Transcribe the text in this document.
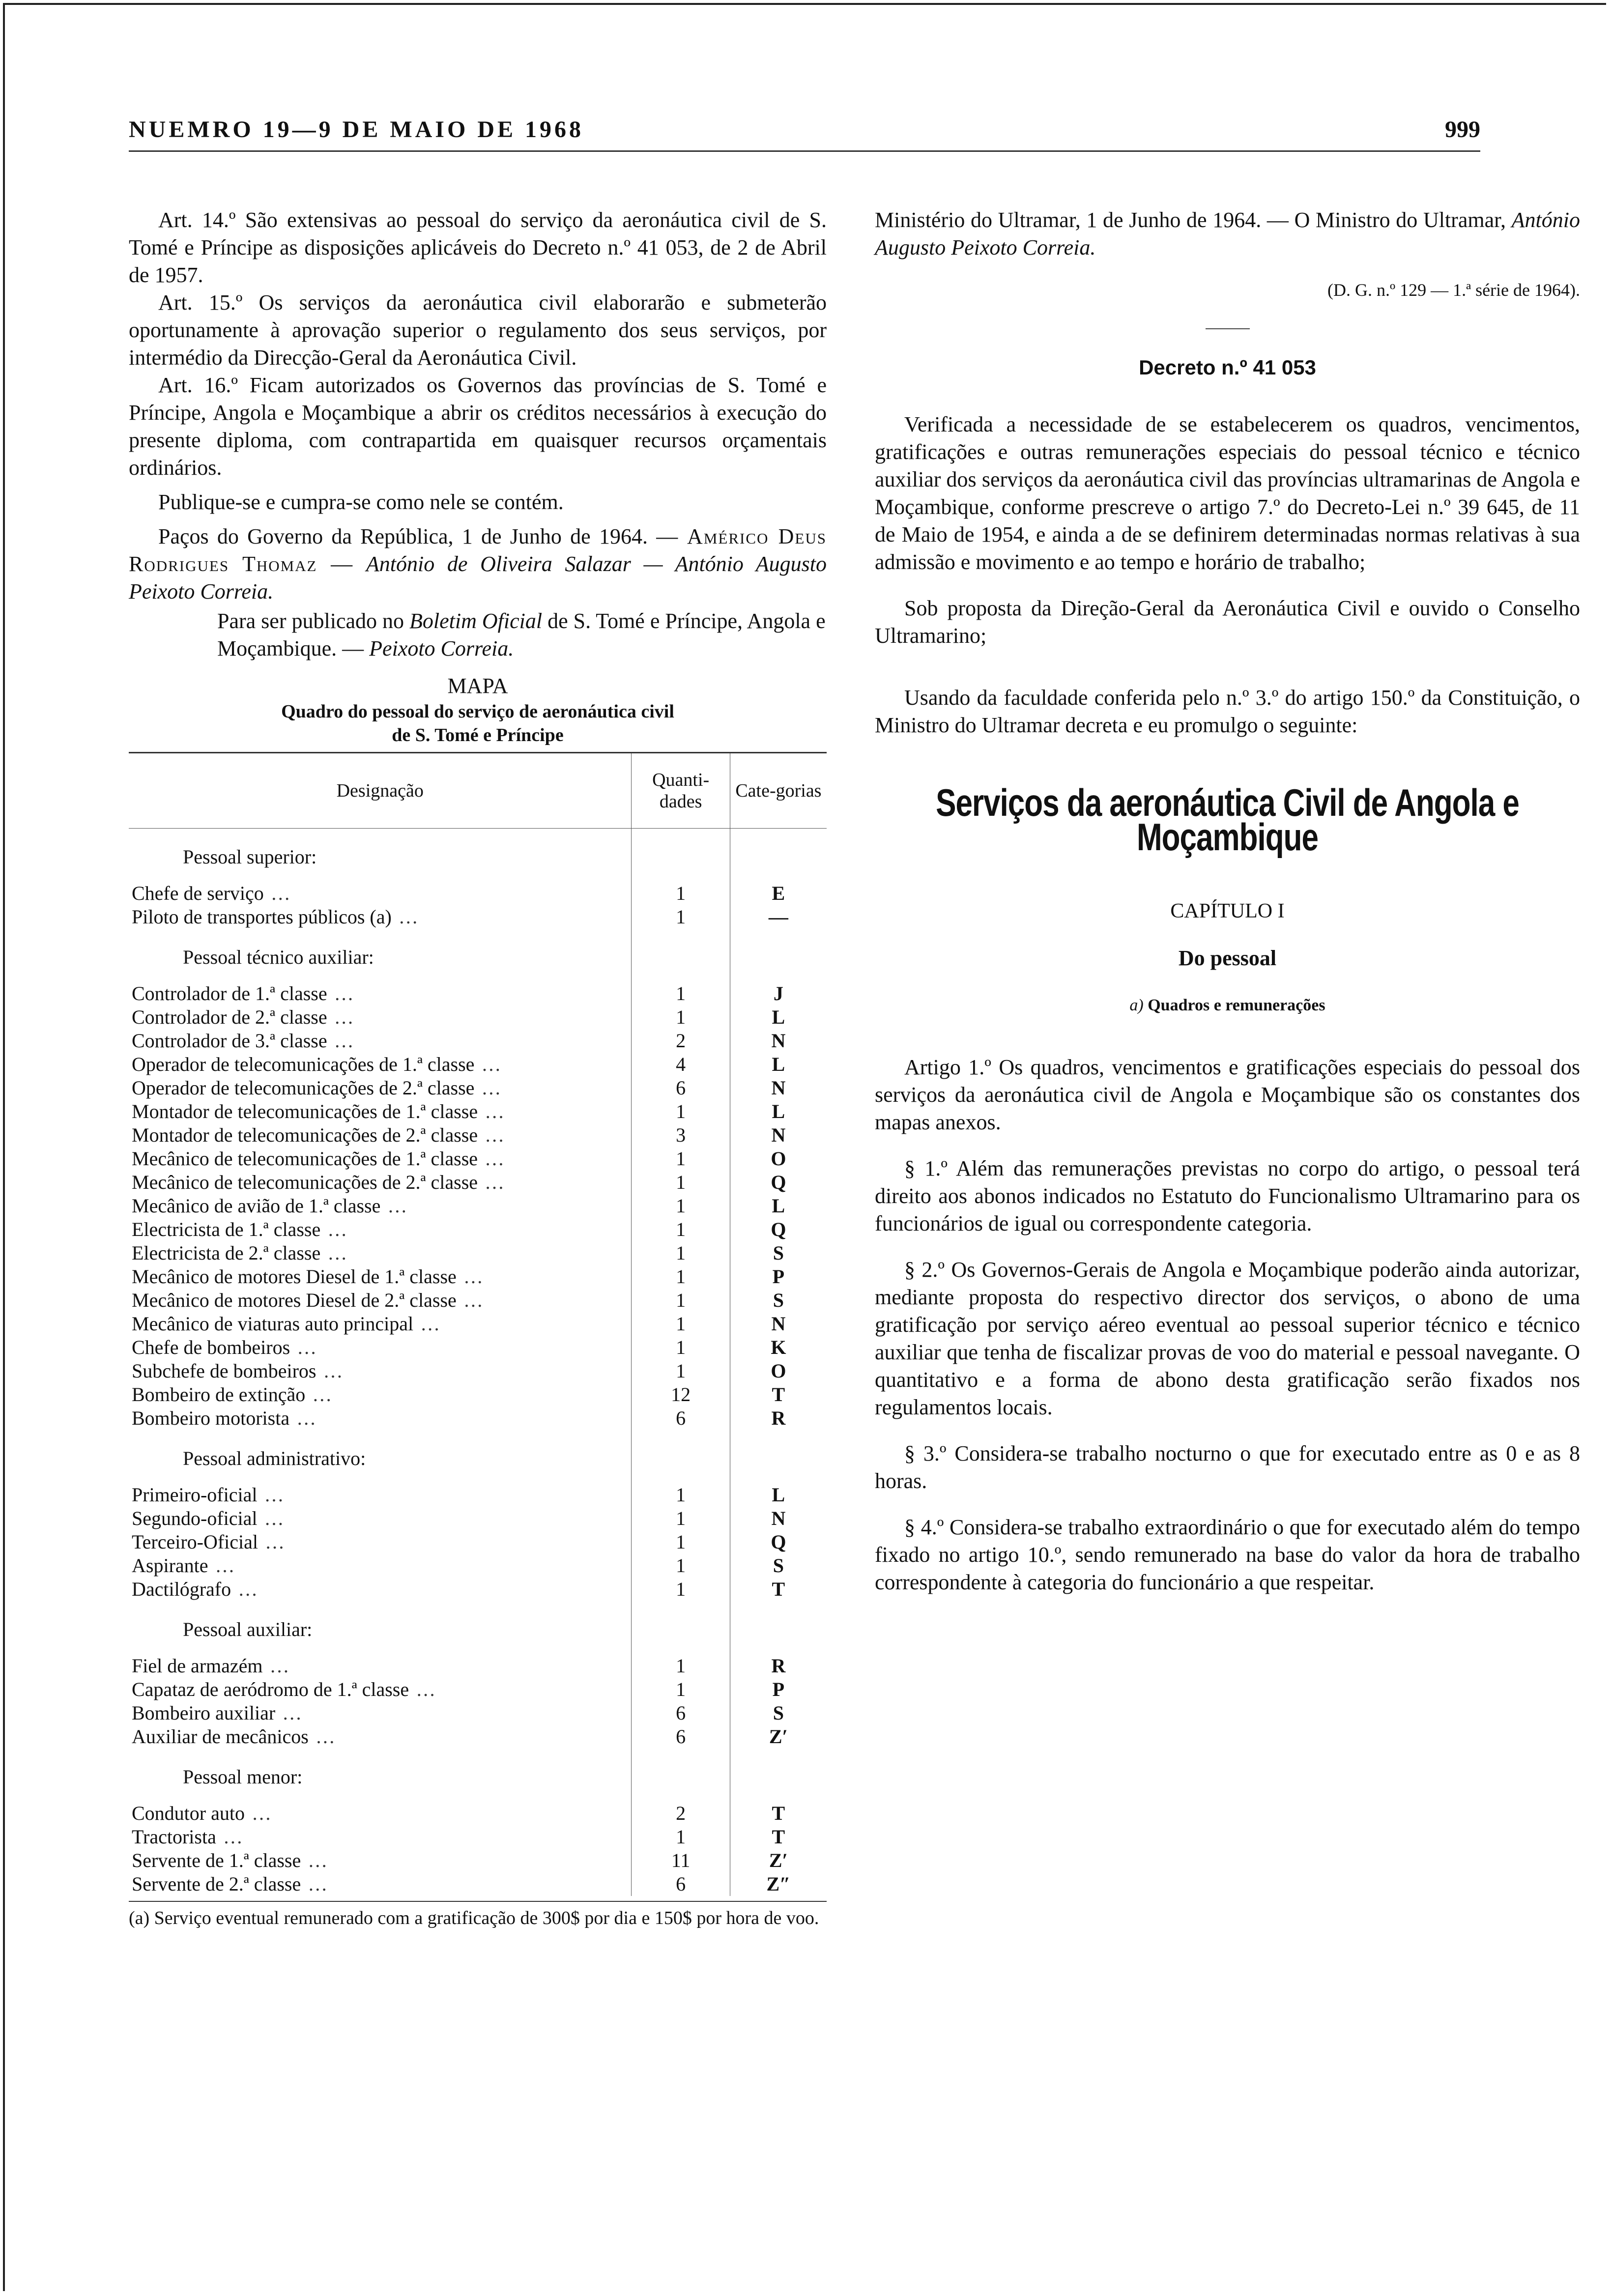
NUEMRO 19—9 DE MAIO DE 1968	999

Art. 14.º São extensivas ao pessoal do serviço da aeronáutica civil de S. Tomé e Príncipe as disposições aplicáveis do Decreto n.º 41 053, de 2 de Abril de 1957.

Art. 15.º Os serviços da aeronáutica civil elaborarão e submeterão oportunamente à aprovação superior o regulamento dos seus serviços, por intermédio da Direcção-Geral da Aeronáutica Civil.

Art. 16.º Ficam autorizados os Governos das províncias de S. Tomé e Príncipe, Angola e Moçambique a abrir os créditos necessários à execução do presente diploma, com contrapartida em quaisquer recursos orçamentais ordinários.

Publique-se e cumpra-se como nele se contém.

Paços do Governo da República, 1 de Junho de 1964. — Américo Deus Rodrigues Thomaz — António de Oliveira Salazar — António Augusto Peixoto Correia.

Para ser publicado no Boletim Oficial de S. Tomé e Príncipe, Angola e Moçambique. — Peixoto Correia.

MAPA
Quadro do pessoal do serviço de aeronáutica civil
de S. Tomé e Príncipe
Designação	Quanti-dades	Cate-gorias
Pessoal superior:		
Chefe de serviço …	1	E
Piloto de transportes públicos (a) …	1	—
Pessoal técnico auxiliar:		
Controlador de 1.ª classe …	1	J
Controlador de 2.ª classe …	1	L
Controlador de 3.ª classe …	2	N
Operador de telecomunicações de 1.ª classe …	4	L
Operador de telecomunicações de 2.ª classe …	6	N
Montador de telecomunicações de 1.ª classe …	1	L
Montador de telecomunicações de 2.ª classe …	3	N
Mecânico de telecomunicações de 1.ª classe …	1	O
Mecânico de telecomunicações de 2.ª classe …	1	Q
Mecânico de avião de 1.ª classe …	1	L
Electricista de 1.ª classe …	1	Q
Electricista de 2.ª classe …	1	S
Mecânico de motores Diesel de 1.ª classe …	1	P
Mecânico de motores Diesel de 2.ª classe …	1	S
Mecânico de viaturas auto principal …	1	N
Chefe de bombeiros …	1	K
Subchefe de bombeiros …	1	O
Bombeiro de extinção …	12	T
Bombeiro motorista …	6	R
Pessoal administrativo:		
Primeiro-oficial …	1	L
Segundo-oficial …	1	N
Terceiro-Oficial …	1	Q
Aspirante …	1	S
Dactilógrafo …	1	T
Pessoal auxiliar:		
Fiel de armazém …	1	R
Capataz de aeródromo de 1.ª classe …	1	P
Bombeiro auxiliar …	6	S
Auxiliar de mecânicos …	6	Z′
Pessoal menor:		
Condutor auto …	2	T
Tractorista …	1	T
Servente de 1.ª classe …	11	Z′
Servente de 2.ª classe …	6	Z″
(a) Serviço eventual remunerado com a gratificação de 300$ por dia e 150$ por hora de voo.

Ministério do Ultramar, 1 de Junho de 1964. — O Ministro do Ultramar, António Augusto Peixoto Correia.

(D. G. n.º 129 — 1.ª série de 1964).

Decreto n.º 41 053

Verificada a necessidade de se estabelecerem os quadros, vencimentos, gratificações e outras remunerações especiais do pessoal técnico e técnico auxiliar dos serviços da aeronáutica civil das províncias ultramarinas de Angola e Moçambique, conforme prescreve o artigo 7.º do Decreto-Lei n.º 39 645, de 11 de Maio de 1954, e ainda a de se definirem determinadas normas relativas à sua admissão e movimento e ao tempo e horário de trabalho;

Sob proposta da Direção-Geral da Aeronáutica Civil e ouvido o Conselho Ultramarino;

Usando da faculdade conferida pelo n.º 3.º do artigo 150.º da Constituição, o Ministro do Ultramar decreta e eu promulgo o seguinte:

Serviços da aeronáutica Civil de Angola e Moçambique
CAPÍTULO I
Do pessoal
a) Quadros e remunerações

Artigo 1.º Os quadros, vencimentos e gratificações especiais do pessoal dos serviços da aeronáutica civil de Angola e Moçambique são os constantes dos mapas anexos.

§ 1.º Além das remunerações previstas no corpo do artigo, o pessoal terá direito aos abonos indicados no Estatuto do Funcionalismo Ultramarino para os funcionários de igual ou correspondente categoria.

§ 2.º Os Governos-Gerais de Angola e Moçambique poderão ainda autorizar, mediante proposta do respectivo director dos serviços, o abono de uma gratificação por serviço aéreo eventual ao pessoal superior técnico e técnico auxiliar que tenha de fiscalizar provas de voo do material e pessoal navegante. O quantitativo e a forma de abono desta gratificação serão fixados nos regulamentos locais.

§ 3.º Considera-se trabalho nocturno o que for executado entre as 0 e as 8 horas.

§ 4.º Considera-se trabalho extraordinário o que for executado além do tempo fixado no artigo 10.º, sendo remunerado na base do valor da hora de trabalho correspondente à categoria do funcionário a que respeitar.
